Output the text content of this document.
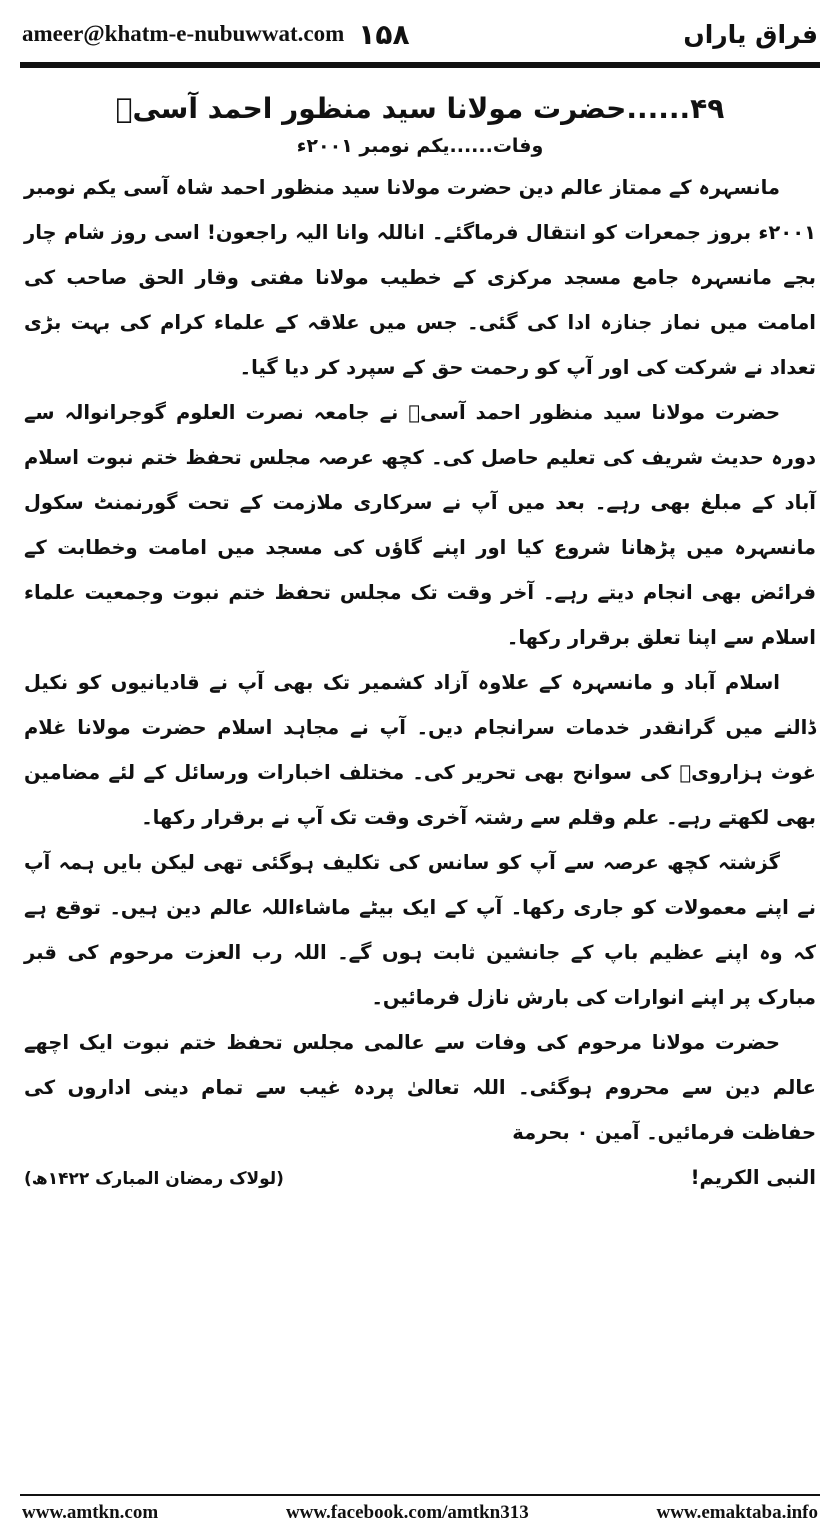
ameer@khatm-e-nubuwwat.com ۱۵۸	فراق یاراں
۴۹......حضرت مولانا سید منظور احمد آسیؒ
وفات......یکم نومبر ۲۰۰۱ء

مانسہرہ کے ممتاز عالم دین حضرت مولانا سید منظور احمد شاہ آسی یکم نومبر ۲۰۰۱ء بروز جمعرات کو انتقال فرماگئے۔ اناللہ وانا الیہ راجعون! اسی روز شام چار بجے مانسہرہ جامع مسجد مرکزی کے خطیب مولانا مفتی وقار الحق صاحب کی امامت میں نماز جنازہ ادا کی گئی۔ جس میں علاقہ کے علماء کرام کی بہت بڑی تعداد نے شرکت کی اور آپ کو رحمت حق کے سپرد کر دیا گیا۔

حضرت مولانا سید منظور احمد آسیؒ نے جامعہ نصرت العلوم گوجرانوالہ سے دورہ حدیث شریف کی تعلیم حاصل کی۔ کچھ عرصہ مجلس تحفظ ختم نبوت اسلام آباد کے مبلغ بھی رہے۔ بعد میں آپ نے سرکاری ملازمت کے تحت گورنمنٹ سکول مانسہرہ میں پڑھانا شروع کیا اور اپنے گاؤں کی مسجد میں امامت وخطابت کے فرائض بھی انجام دیتے رہے۔ آخر وقت تک مجلس تحفظ ختم نبوت وجمعیت علماء اسلام سے اپنا تعلق برقرار رکھا۔

اسلام آباد و مانسہرہ کے علاوہ آزاد کشمیر تک بھی آپ نے قادیانیوں کو نکیل ڈالنے میں گرانقدر خدمات سرانجام دیں۔ آپ نے مجاہد اسلام حضرت مولانا غلام غوث ہزارویؒ کی سوانح بھی تحریر کی۔ مختلف اخبارات ورسائل کے لئے مضامین بھی لکھتے رہے۔ علم وقلم سے رشتہ آخری وقت تک آپ نے برقرار رکھا۔

گزشتہ کچھ عرصہ سے آپ کو سانس کی تکلیف ہوگئی تھی لیکن بایں ہمہ آپ نے اپنے معمولات کو جاری رکھا۔ آپ کے ایک بیٹے ماشاءاللہ عالم دین ہیں۔ توقع ہے کہ وہ اپنے عظیم باپ کے جانشین ثابت ہوں گے۔ اللہ رب العزت مرحوم کی قبر مبارک پر اپنے انوارات کی بارش نازل فرمائیں۔

حضرت مولانا مرحوم کی وفات سے عالمی مجلس تحفظ ختم نبوت ایک اچھے عالم دین سے محروم ہوگئی۔ اللہ تعالیٰ پردہ غیب سے تمام دینی اداروں کی حفاظت فرمائیں۔ آمین ۰ بحرمة

النبی الکریم!
(لولاک رمضان المبارک ۱۴۲۲ھ)
www.amtkn.com	www.facebook.com/amtkn313	www.emaktaba.info
